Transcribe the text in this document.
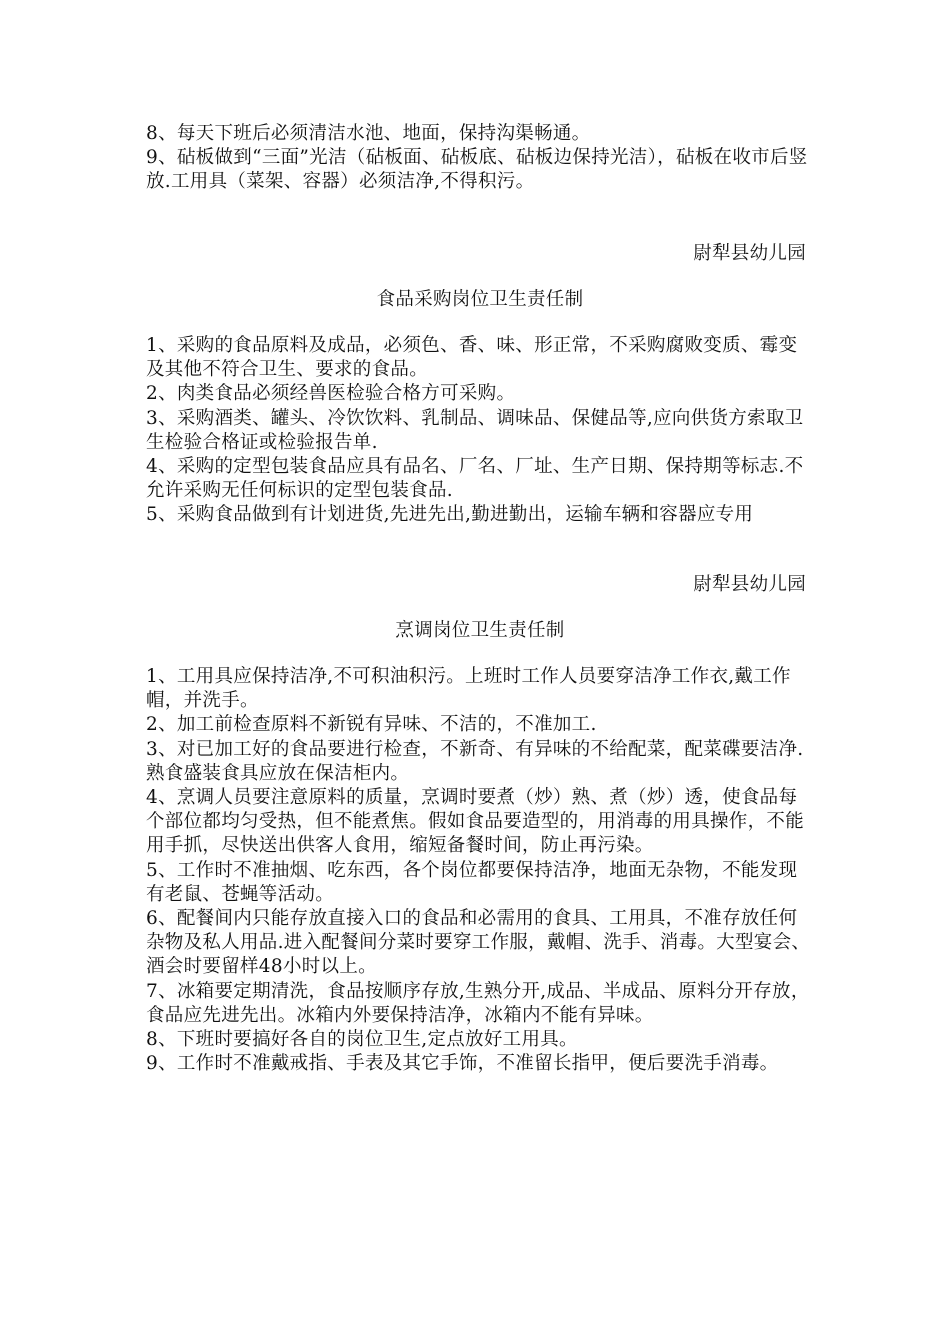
8、每天下班后必须清洁水池、地面，保持沟渠畅通。

9、砧板做到“三面”光洁（砧板面、砧板底、砧板边保持光洁），砧板在收市后竖放.工用具（菜架、容器）必须洁净,不得积污。

尉犁县幼儿园

食品采购岗位卫生责任制

1、采购的食品原料及成品，必须色、香、味、形正常，不采购腐败变质、霉变及其他不符合卫生、要求的食品。

2、肉类食品必须经兽医检验合格方可采购。

3、采购酒类、罐头、冷饮饮料、乳制品、调味品、保健品等,应向供货方索取卫生检验合格证或检验报告单.

4、采购的定型包装食品应具有品名、厂名、厂址、生产日期、保持期等标志.不允许采购无任何标识的定型包装食品.

5、采购食品做到有计划进货,先进先出,勤进勤出，运输车辆和容器应专用

尉犁县幼儿园

烹调岗位卫生责任制

1、工用具应保持洁净,不可积油积污。上班时工作人员要穿洁净工作衣,戴工作帽，并洗手。

2、加工前检查原料不新锐有异味、不洁的，不准加工.

3、对已加工好的食品要进行检查，不新奇、有异味的不给配菜，配菜碟要洁净.熟食盛装食具应放在保洁柜内。

4、烹调人员要注意原料的质量，烹调时要煮（炒）熟、煮（炒）透，使食品每个部位都均匀受热，但不能煮焦。假如食品要造型的，用消毒的用具操作，不能用手抓，尽快送出供客人食用，缩短备餐时间，防止再污染。

5、工作时不准抽烟、吃东西，各个岗位都要保持洁净，地面无杂物，不能发现有老鼠、苍蝇等活动。

6、配餐间内只能存放直接入口的食品和必需用的食具、工用具，不准存放任何杂物及私人用品.进入配餐间分菜时要穿工作服，戴帽、洗手、消毒。大型宴会、酒会时要留样48小时以上。

7、冰箱要定期清洗，食品按顺序存放,生熟分开,成品、半成品、原料分开存放，食品应先进先出。冰箱内外要保持洁净，冰箱内不能有异味。

8、下班时要搞好各自的岗位卫生,定点放好工用具。

9、工作时不准戴戒指、手表及其它手饰，不准留长指甲，便后要洗手消毒。
